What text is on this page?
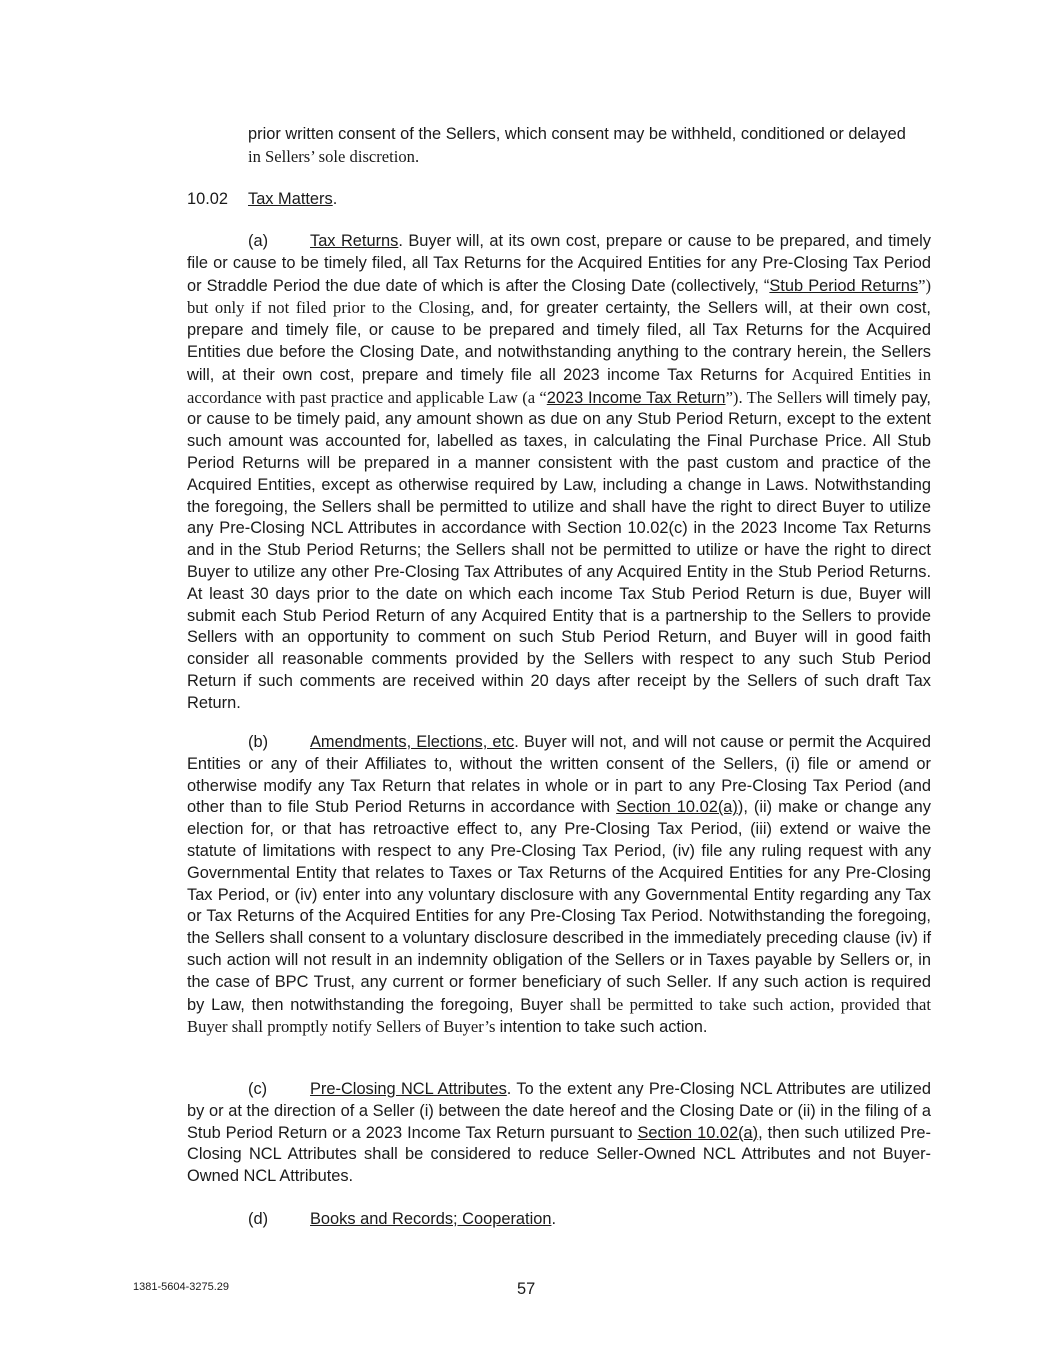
prior written consent of the Sellers, which consent may be withheld, conditioned or delayed
in Sellers’ sole discretion.

10.02 Tax Matters.

(a)	Tax Returns. Buyer will, at its own cost, prepare or cause to be prepared, and timely file or cause to be timely filed, all Tax Returns for the Acquired Entities for any Pre-Closing Tax Period or Straddle Period the due date of which is after the Closing Date (collectively, “Stub Period Returns”) but only if not filed prior to the Closing, and, for greater certainty, the Sellers will, at their own cost, prepare and timely file, or cause to be prepared and timely filed, all Tax Returns for the Acquired Entities due before the Closing Date, and notwithstanding anything to the contrary herein, the Sellers will, at their own cost, prepare and timely file all 2023 income Tax Returns for Acquired Entities in accordance with past practice and applicable Law (a “2023 Income Tax Return”). The Sellers will timely pay, or cause to be timely paid, any amount shown as due on any Stub Period Return, except to the extent such amount was accounted for, labelled as taxes, in calculating the Final Purchase Price. All Stub Period Returns will be prepared in a manner consistent with the past custom and practice of the Acquired Entities, except as otherwise required by Law, including a change in Laws. Notwithstanding the foregoing, the Sellers shall be permitted to utilize and shall have the right to direct Buyer to utilize any Pre-Closing NCL Attributes in accordance with Section 10.02(c) in the 2023 Income Tax Returns and in the Stub Period Returns; the Sellers shall not be permitted to utilize or have the right to direct Buyer to utilize any other Pre-Closing Tax Attributes of any Acquired Entity in the Stub Period Returns. At least 30 days prior to the date on which each income Tax Stub Period Return is due, Buyer will submit each Stub Period Return of any Acquired Entity that is a partnership to the Sellers to provide Sellers with an opportunity to comment on such Stub Period Return, and Buyer will in good faith consider all reasonable comments provided by the Sellers with respect to any such Stub Period Return if such comments are received within 20 days after receipt by the Sellers of such draft Tax Return.

(b)	Amendments, Elections, etc. Buyer will not, and will not cause or permit the Acquired Entities or any of their Affiliates to, without the written consent of the Sellers, (i) file or amend or otherwise modify any Tax Return that relates in whole or in part to any Pre-Closing Tax Period (and other than to file Stub Period Returns in accordance with Section 10.02(a)), (ii) make or change any election for, or that has retroactive effect to, any Pre-Closing Tax Period, (iii) extend or waive the statute of limitations with respect to any Pre-Closing Tax Period, (iv) file any ruling request with any Governmental Entity that relates to Taxes or Tax Returns of the Acquired Entities for any Pre-Closing Tax Period, or (iv) enter into any voluntary disclosure with any Governmental Entity regarding any Tax or Tax Returns of the Acquired Entities for any Pre-Closing Tax Period. Notwithstanding the foregoing, the Sellers shall consent to a voluntary disclosure described in the immediately preceding clause (iv) if such action will not result in an indemnity obligation of the Sellers or in Taxes payable by Sellers or, in the case of BPC Trust, any current or former beneficiary of such Seller. If any such action is required by Law, then notwithstanding the foregoing, Buyer shall be permitted to take such action, provided that Buyer shall promptly notify Sellers of Buyer’s intention to take such action.

(c)	Pre-Closing NCL Attributes. To the extent any Pre-Closing NCL Attributes are utilized by or at the direction of a Seller (i) between the date hereof and the Closing Date or (ii) in the filing of a Stub Period Return or a 2023 Income Tax Return pursuant to Section 10.02(a), then such utilized Pre-Closing NCL Attributes shall be considered to reduce Seller-Owned NCL Attributes and not Buyer-Owned NCL Attributes.

(d)	Books and Records; Cooperation.

1381-5604-3275.29	57
